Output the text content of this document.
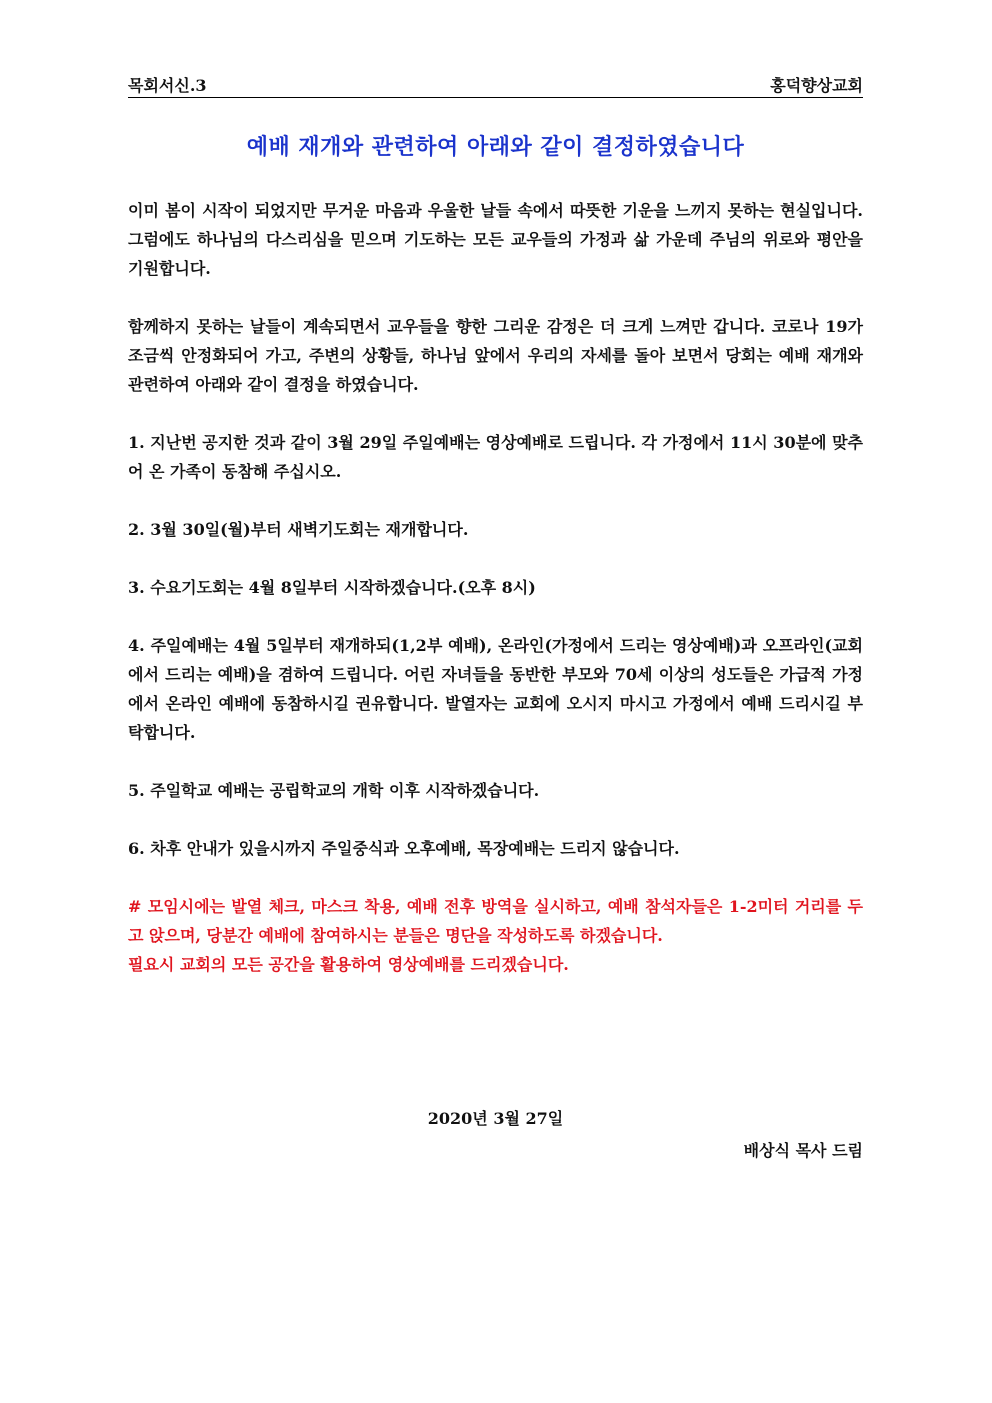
목회서신.3	홍덕향상교회
예배 재개와 관련하여 아래와 같이 결정하였습니다

이미 봄이 시작이 되었지만 무거운 마음과 우울한 날들 속에서 따뜻한 기운을 느끼지 못하는 현실입니다. 그럼에도 하나님의 다스리심을 믿으며 기도하는 모든 교우들의 가정과 삶 가운데 주님의 위로와 평안을 기원합니다.

함께하지 못하는 날들이 계속되면서 교우들을 향한 그리운 감정은 더 크게 느껴만 갑니다. 코로나 19가 조금씩 안정화되어 가고, 주변의 상황들, 하나님 앞에서 우리의 자세를 돌아 보면서 당회는 예배 재개와 관련하여 아래와 같이 결정을 하였습니다.

1. 지난번 공지한 것과 같이 3월 29일 주일예배는 영상예배로 드립니다. 각 가정에서 11시 30분에 맞추어 온 가족이 동참해 주십시오.

2. 3월 30일(월)부터 새벽기도회는 재개합니다.

3. 수요기도회는 4월 8일부터 시작하겠습니다.(오후 8시)

4. 주일예배는 4월 5일부터 재개하되(1,2부 예배), 온라인(가정에서 드리는 영상예배)과 오프라인(교회에서 드리는 예배)을 겸하여 드립니다. 어린 자녀들을 동반한 부모와 70세 이상의 성도들은 가급적 가정에서 온라인 예배에 동참하시길 권유합니다. 발열자는 교회에 오시지 마시고 가정에서 예배 드리시길 부탁합니다.

5. 주일학교 예배는 공립학교의 개학 이후 시작하겠습니다.

6. 차후 안내가 있을시까지 주일중식과 오후예배, 목장예배는 드리지 않습니다.

# 모임시에는 발열 체크, 마스크 착용, 예배 전후 방역을 실시하고, 예배 참석자들은 1-2미터 거리를 두고 앉으며, 당분간 예배에 참여하시는 분들은 명단을 작성하도록 하겠습니다.

필요시 교회의 모든 공간을 활용하여 영상예배를 드리겠습니다.

2020년 3월 27일
배상식 목사 드림
